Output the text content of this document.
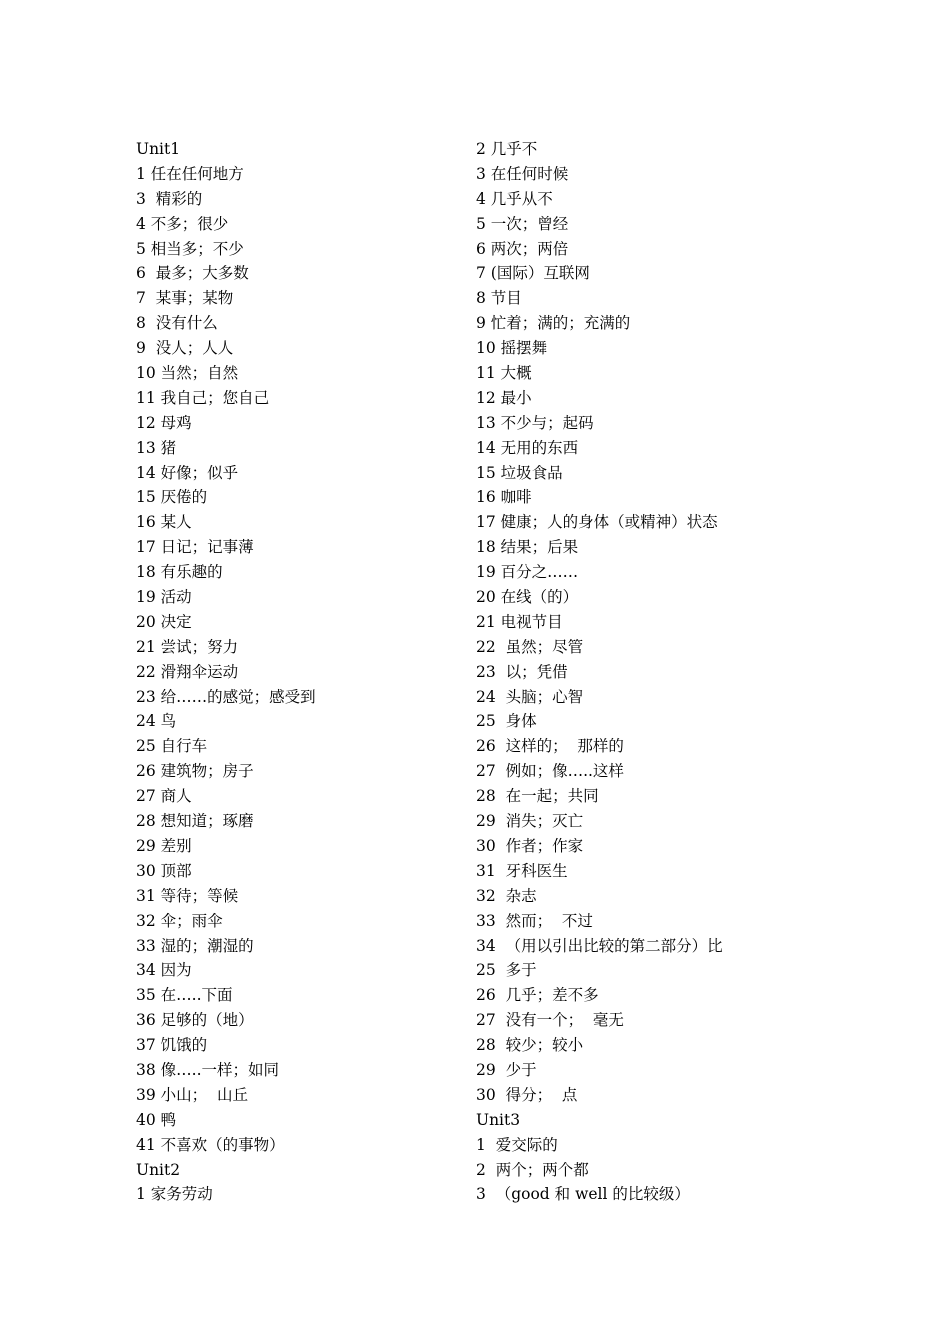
Unit1
1 任在任何地方
3  精彩的
4 不多；很少
5 相当多；不少
6  最多；大多数
7  某事；某物
8  没有什么
9  没人；人人
10 当然；自然
11 我自己；您自己
12 母鸡
13 猪
14 好像；似乎
15 厌倦的
16 某人
17 日记；记事薄
18 有乐趣的
19 活动
20 决定
21 尝试；努力
22 滑翔伞运动
23 给……的感觉；感受到
24 鸟
25 自行车
26 建筑物；房子
27 商人
28 想知道；琢磨
29 差别
30 顶部
31 等待；等候
32 伞；雨伞
33 湿的；潮湿的
34 因为
35 在…..下面
36 足够的（地）
37 饥饿的
38 像…..一样；如同
39 小山；  山丘
40 鸭
41 不喜欢（的事物）
Unit2
1 家务劳动
2 几乎不
3 在任何时候
4 几乎从不
5 一次；曾经
6 两次；两倍
7 (国际）互联网
8 节目
9 忙着；满的；充满的
10 摇摆舞
11 大概
12 最小
13 不少与；起码
14 无用的东西
15 垃圾食品
16 咖啡
17 健康；人的身体（或精神）状态
18 结果；后果
19 百分之……
20 在线（的）
21 电视节目
22  虽然；尽管
23  以；凭借
24  头脑；心智
25  身体
26  这样的；  那样的
27  例如；像…..这样
28  在一起；共同
29  消失；灭亡
30  作者；作家
31  牙科医生
32  杂志
33  然而；  不过
34  （用以引出比较的第二部分）比
25  多于
26  几乎；差不多
27  没有一个；  毫无
28  较少；较小
29  少于
30  得分；  点
Unit3
1  爱交际的
2  两个；两个都
3  （good 和 well 的比较级）
